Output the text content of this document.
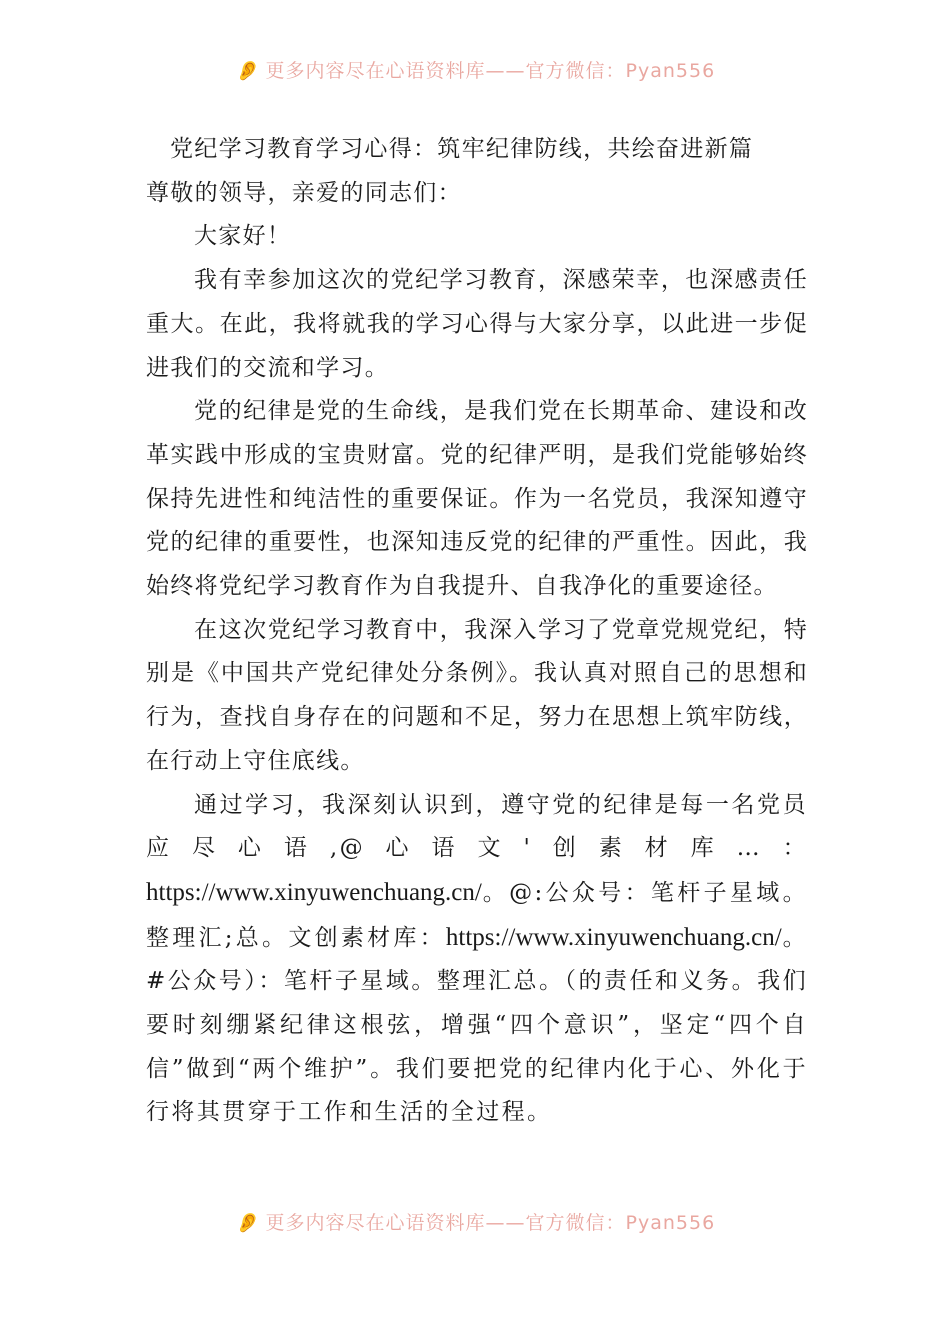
👂 更多内容尽在心语资料库——官方微信：Pyan556

党纪学习教育学习心得：筑牢纪律防线，共绘奋进新篇

尊敬的领导，亲爱的同志们：

大家好！

我有幸参加这次的党纪学习教育，深感荣幸，也深感责任重大。在此，我将就我的学习心得与大家分享，以此进一步促进我们的交流和学习。

党的纪律是党的生命线，是我们党在长期革命、建设和改革实践中形成的宝贵财富。党的纪律严明，是我们党能够始终保持先进性和纯洁性的重要保证。作为一名党员，我深知遵守党的纪律的重要性，也深知违反党的纪律的严重性。因此，我始终将党纪学习教育作为自我提升、自我净化的重要途径。

在这次党纪学习教育中，我深入学习了党章党规党纪，特别是《中国共产党纪律处分条例》。我认真对照自己的思想和行为，查找自身存在的问题和不足，努力在思想上筑牢防线，在行动上守住底线。

通过学习，我深刻认识到，遵守党的纪律是每一名党员应尽心语,@心语文'创素材库…：https://www.xinyuwenchuang.cn/。@:公众号：笔杆子星域。整理汇;总。文创素材库：https://www.xinyuwenchuang.cn/。#公众号）：笔杆子星域。整理汇总。（的责任和义务。我们要时刻绷紧纪律这根弦，增强“四个意识”，坚定“四个自信”做到“两个维护”。我们要把党的纪律内化于心、外化于行将其贯穿于工作和生活的全过程。

👂 更多内容尽在心语资料库——官方微信：Pyan556
